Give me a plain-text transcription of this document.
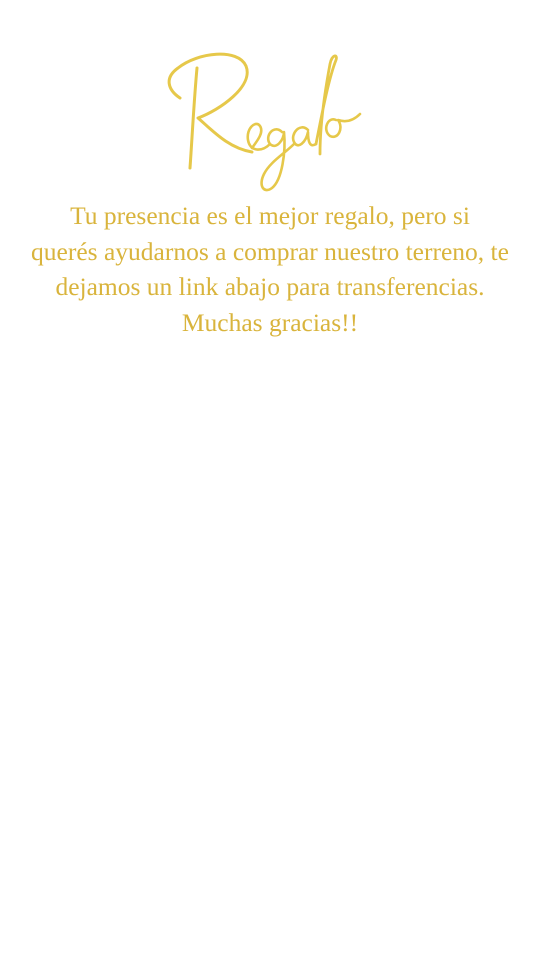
Tu presencia es el mejor regalo, pero si
querés ayudarnos a comprar nuestro terreno, te
dejamos un link abajo para transferencias.
Muchas gracias!!
